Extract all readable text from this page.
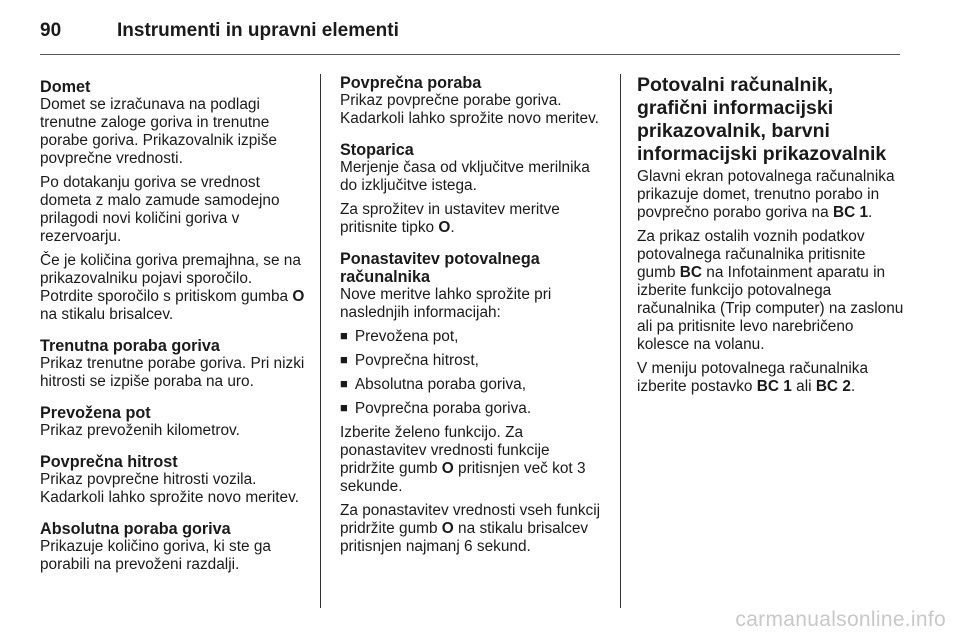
90	Instrumenti in upravni elementi
Domet

Domet se izračunava na podlagi trenutne zaloge goriva in trenutne porabe goriva. Prikazovalnik izpiše povprečne vrednosti.

Po dotakanju goriva se vrednost dometa z malo zamude samodejno prilagodi novi količini goriva v rezervoarju.

Če je količina goriva premajhna, se na prikazovalniku pojavi sporočilo. Potrdite sporočilo s pritiskom gumba O na stikalu brisalcev.

Trenutna poraba goriva

Prikaz trenutne porabe goriva. Pri nizki hitrosti se izpiše poraba na uro.

Prevožena pot

Prikaz prevoženih kilometrov.

Povprečna hitrost

Prikaz povprečne hitrosti vozila. Kadarkoli lahko sprožite novo meritev.

Absolutna poraba goriva

Prikazuje količino goriva, ki ste ga porabili na prevoženi razdalji.

Povprečna poraba

Prikaz povprečne porabe goriva. Kadarkoli lahko sprožite novo meritev.

Stoparica

Merjenje časa od vključitve merilnika do izključitve istega.

Za sprožitev in ustavitev meritve pritisnite tipko O.

Ponastavitev potovalnega računalnika

Nove meritve lahko sprožite pri naslednjih informacijah:

■ Prevožena pot,
■ Povprečna hitrost,
■ Absolutna poraba goriva,
■ Povprečna poraba goriva.

Izberite želeno funkcijo. Za ponastavitev vrednosti funkcije

pridržite gumb O pritisnjen več kot 3 sekunde.

Za ponastavitev vrednosti vseh funkcij pridržite gumb O na stikalu brisalcev pritisnjen najmanj 6 sekund.

Potovalni računalnik, grafični informacijski prikazovalnik, barvni informacijski prikazovalnik

Glavni ekran potovalnega računalnika prikazuje domet, trenutno porabo in povprečno porabo goriva na BC 1.

Za prikaz ostalih voznih podatkov potovalnega računalnika pritisnite gumb BC na Infotainment aparatu in izberite funkcijo potovalnega računalnika (Trip computer) na zaslonu ali pa pritisnite levo narebričeno kolesce na volanu.

V meniju potovalnega računalnika izberite postavko BC 1 ali BC 2.

carmanualsonline.info
